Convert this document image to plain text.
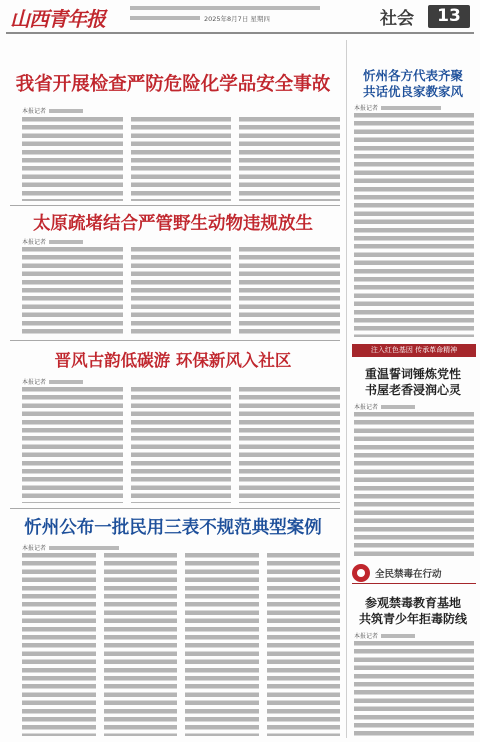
山西青年报	2025年8月7日 星期四	社会	13
我省开展检查严防危险化学品安全事故
本报记者
太原疏堵结合严管野生动物违规放生
本报记者
晋风古韵低碳游 环保新风入社区
本报记者
忻州公布一批民用三表不规范典型案例
本报记者
忻州各方代表齐聚
共话优良家教家风
本报记者
注入红色基因 传承革命精神
重温誓词锤炼党性
书屋老香浸润心灵
本报记者
全民禁毒在行动
参观禁毒教育基地
共筑青少年拒毒防线
本报记者
